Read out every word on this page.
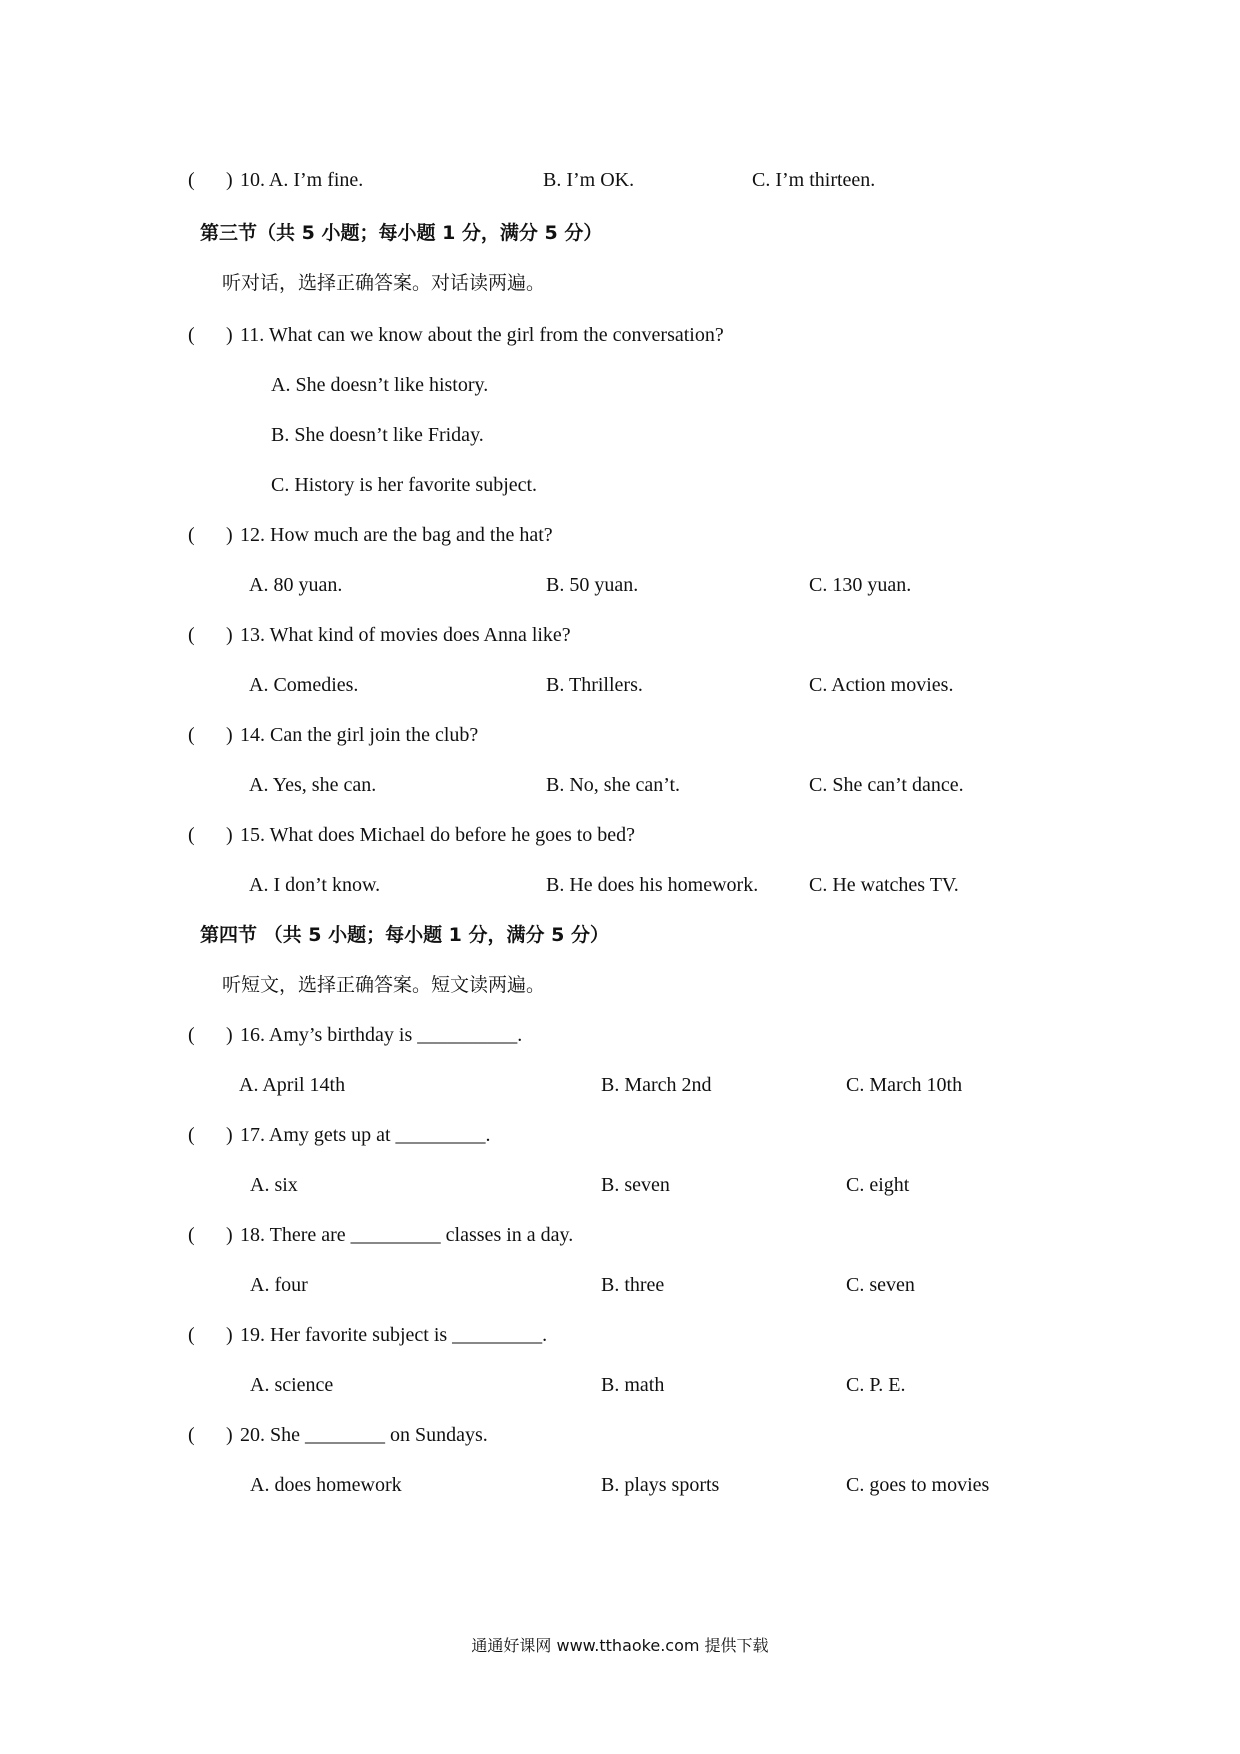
( ) 10. A. I’m fine.	B. I’m OK.	C. I’m thirteen.
第三节（共 5 小题；每小题 1 分，满分 5 分）
听对话，选择正确答案。对话读两遍。
( ) 11. What can we know about the girl from the conversation?
A. She doesn’t like history.
B. She doesn’t like Friday.
C. History is her favorite subject.
( ) 12. How much are the bag and the hat?
A. 80 yuan.	B. 50 yuan.	C. 130 yuan.
( ) 13. What kind of movies does Anna like?
A. Comedies.	B. Thrillers.	C. Action movies.
( ) 14. Can the girl join the club?
A. Yes, she can.	B. No, she can’t.	C. She can’t dance.
( ) 15. What does Michael do before he goes to bed?
A. I don’t know.	B. He does his homework.	C. He watches TV.
第四节 （共 5 小题；每小题 1 分，满分 5 分）
听短文，选择正确答案。短文读两遍。
( ) 16. Amy’s birthday is __________.
A. April 14th	B. March 2nd	C. March 10th
( ) 17. Amy gets up at _________.
A. six	B. seven	C. eight
( ) 18. There are _________ classes in a day.
A. four	B. three	C. seven
( ) 19. Her favorite subject is _________.
A. science	B. math	C. P. E.
( ) 20. She ________ on Sundays.
A. does homework	B. plays sports	C. goes to movies
通通好课网 www.tthaoke.com 提供下载
